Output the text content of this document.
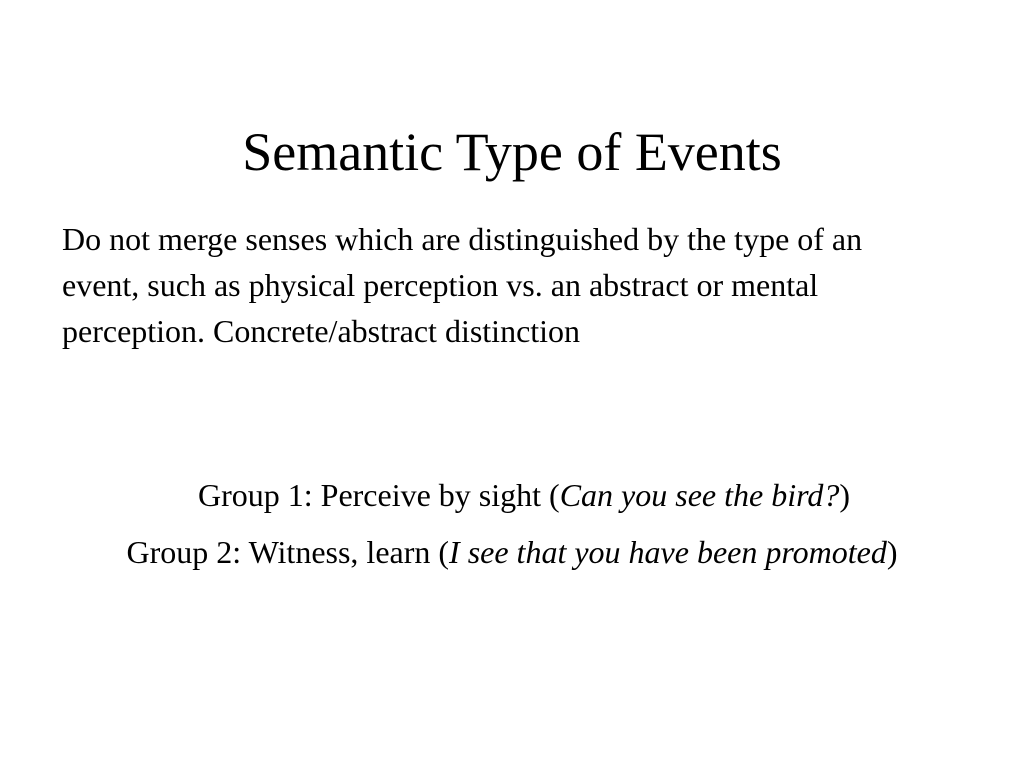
Semantic Type of Events

Do not merge senses which are distinguished by the type of an event, such as physical perception vs. an abstract or mental perception. Concrete/abstract distinction

Group 1: Perceive by sight (Can you see the bird?)
Group 2: Witness, learn (I see that you have been promoted)
